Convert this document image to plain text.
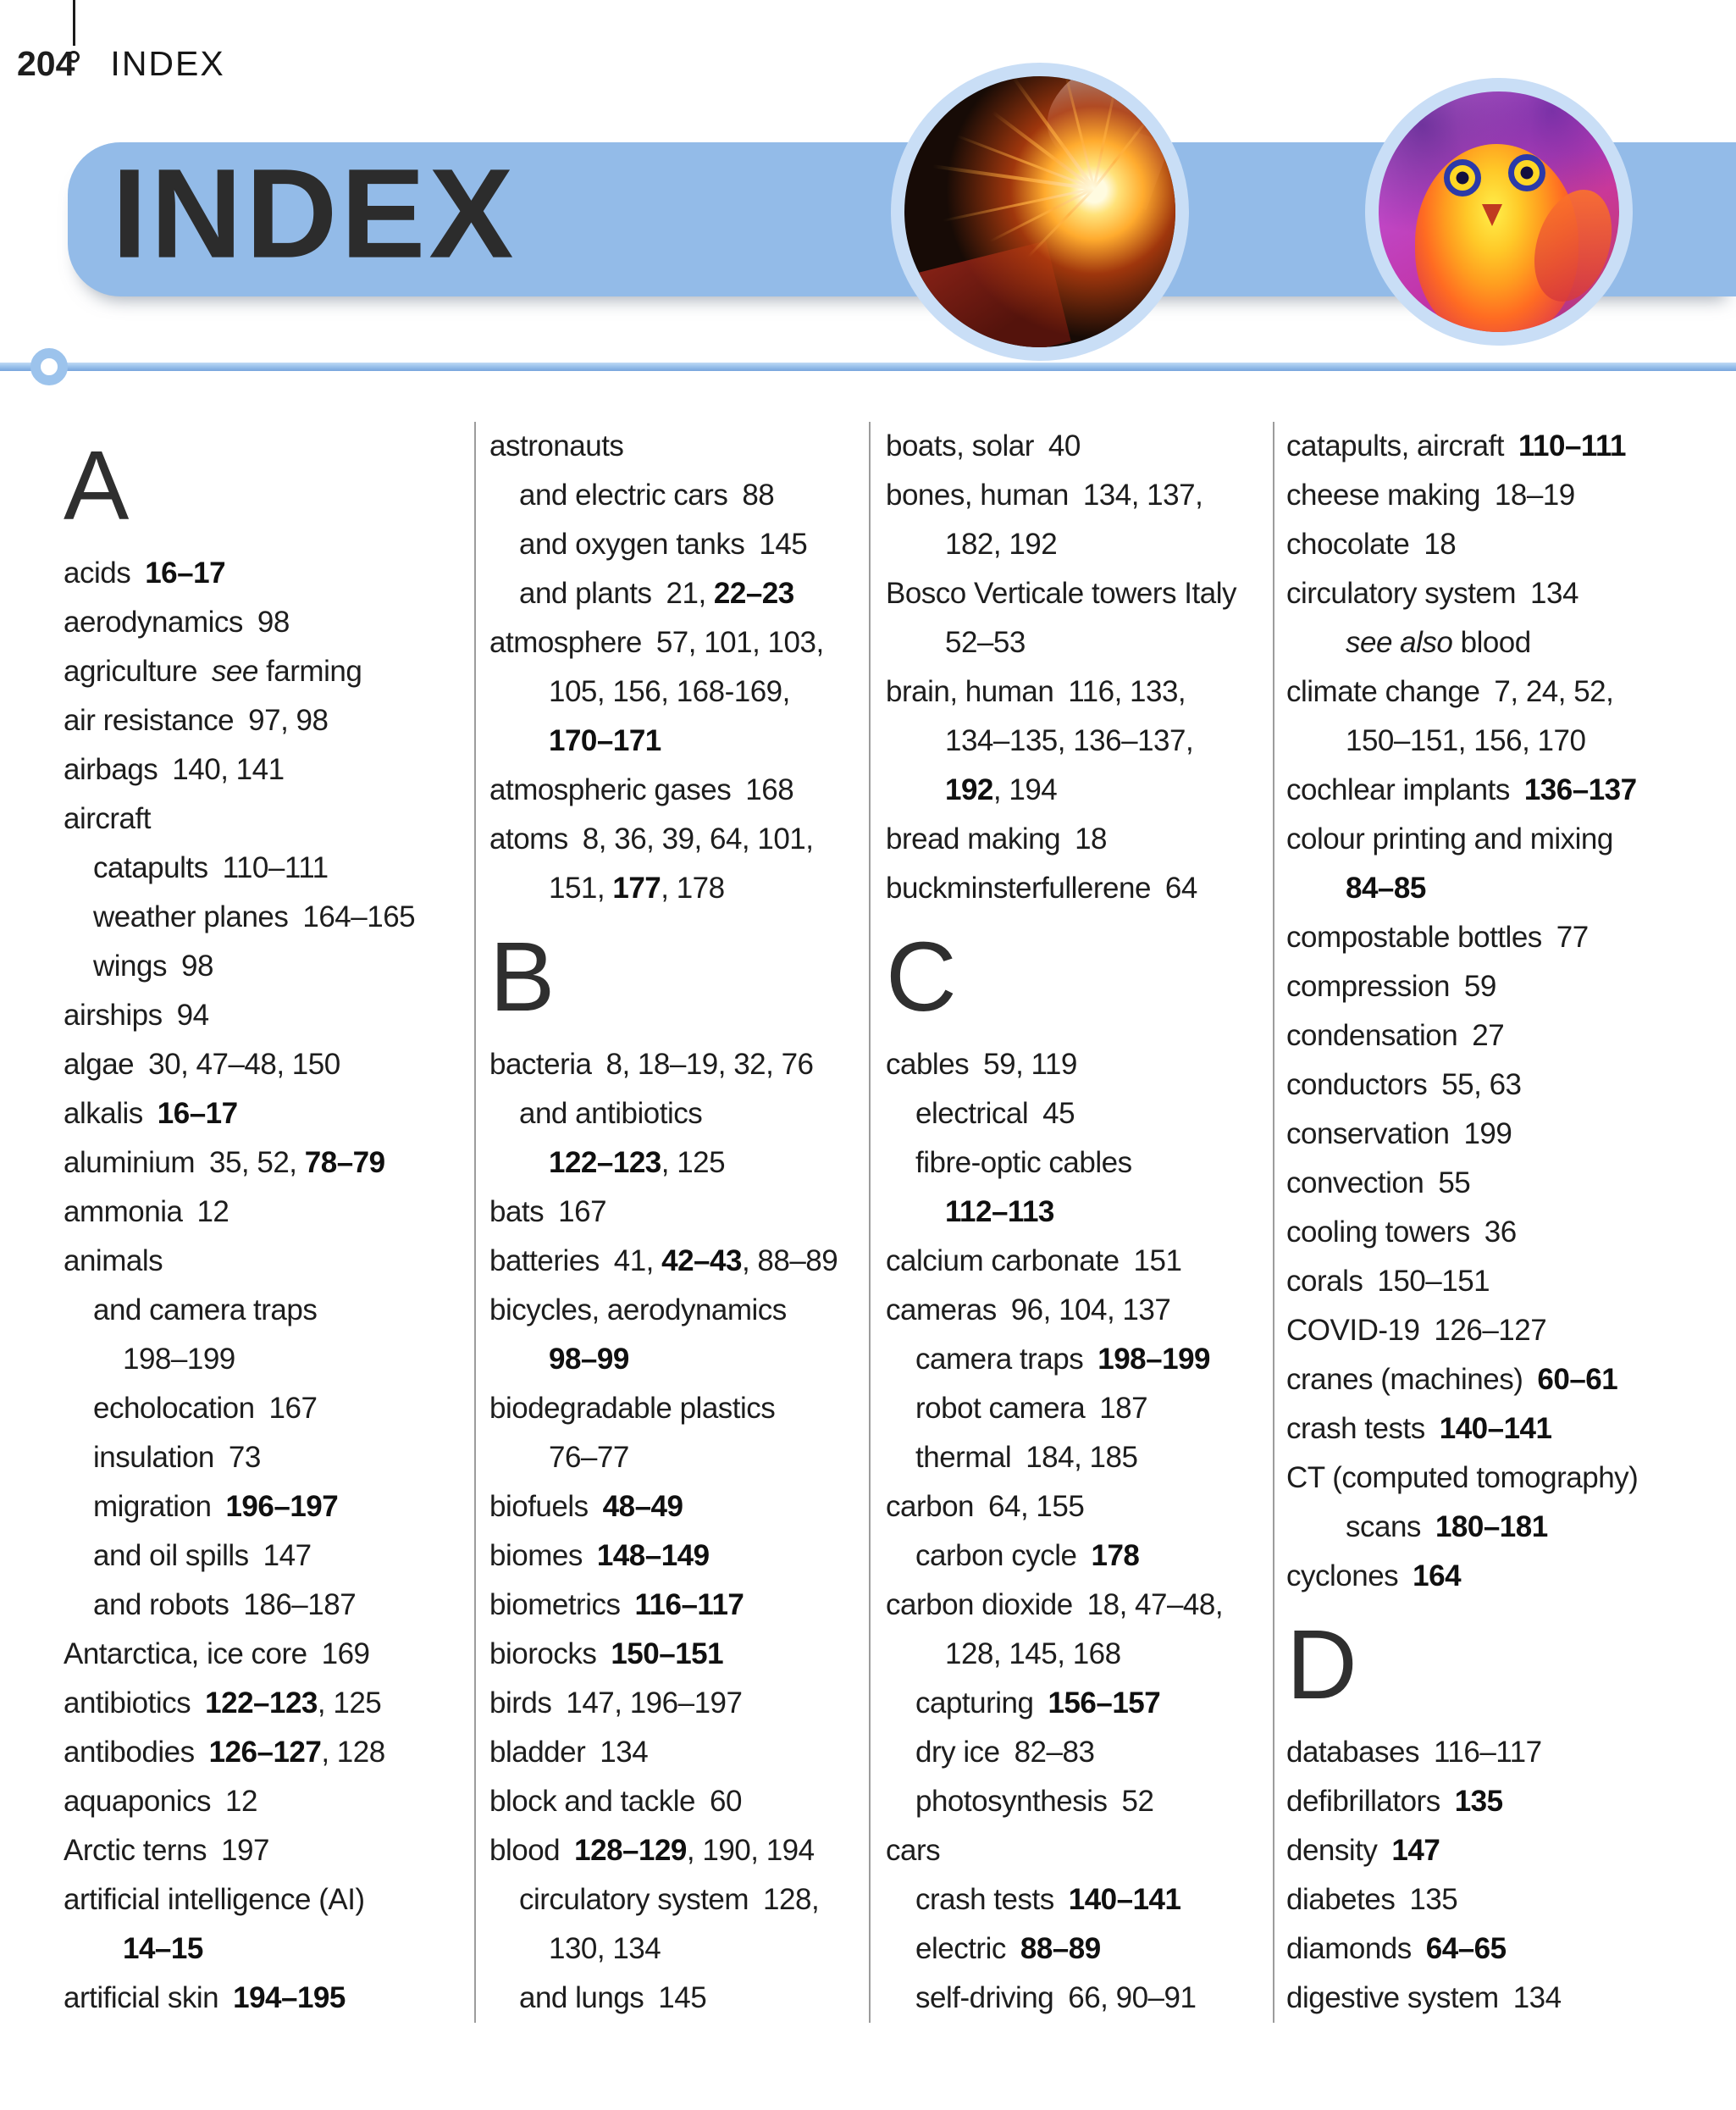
204 INDEX
INDEX
A
acids 16–17
aerodynamics 98
agriculture see farming
air resistance 97, 98
airbags 140, 141
aircraft
catapults 110–111
weather planes 164–165
wings 98
airships 94
algae 30, 47–48, 150
alkalis 16–17
aluminium 35, 52, 78–79
ammonia 12
animals
and camera traps
198–199
echolocation 167
insulation 73
migration 196–197
and oil spills 147
and robots 186–187
Antarctica, ice core 169
antibiotics 122–123, 125
antibodies 126–127, 128
aquaponics 12
Arctic terns 197
artificial intelligence (AI)
14–15
artificial skin 194–195
astronauts
and electric cars 88
and oxygen tanks 145
and plants 21, 22–23
atmosphere 57, 101, 103,
105, 156, 168-169,
170–171
atmospheric gases 168
atoms 8, 36, 39, 64, 101,
151, 177, 178
B
bacteria 8, 18–19, 32, 76
and antibiotics
122–123, 125
bats 167
batteries 41, 42–43, 88–89
bicycles, aerodynamics
98–99
biodegradable plastics
76–77
biofuels 48–49
biomes 148–149
biometrics 116–117
biorocks 150–151
birds 147, 196–197
bladder 134
block and tackle 60
blood 128–129, 190, 194
circulatory system 128,
130, 134
and lungs 145
boats, solar 40
bones, human 134, 137,
182, 192
Bosco Verticale towers Italy
52–53
brain, human 116, 133,
134–135, 136–137,
192, 194
bread making 18
buckminsterfullerene 64
C
cables 59, 119
electrical 45
fibre-optic cables
112–113
calcium carbonate 151
cameras 96, 104, 137
camera traps 198–199
robot camera 187
thermal 184, 185
carbon 64, 155
carbon cycle 178
carbon dioxide 18, 47–48,
128, 145, 168
capturing 156–157
dry ice 82–83
photosynthesis 52
cars
crash tests 140–141
electric 88–89
self-driving 66, 90–91
catapults, aircraft 110–111
cheese making 18–19
chocolate 18
circulatory system 134
see also blood
climate change 7, 24, 52,
150–151, 156, 170
cochlear implants 136–137
colour printing and mixing
84–85
compostable bottles 77
compression 59
condensation 27
conductors 55, 63
conservation 199
convection 55
cooling towers 36
corals 150–151
COVID-19 126–127
cranes (machines) 60–61
crash tests 140–141
CT (computed tomography)
scans 180–181
cyclones 164
D
databases 116–117
defibrillators 135
density 147
diabetes 135
diamonds 64–65
digestive system 134
